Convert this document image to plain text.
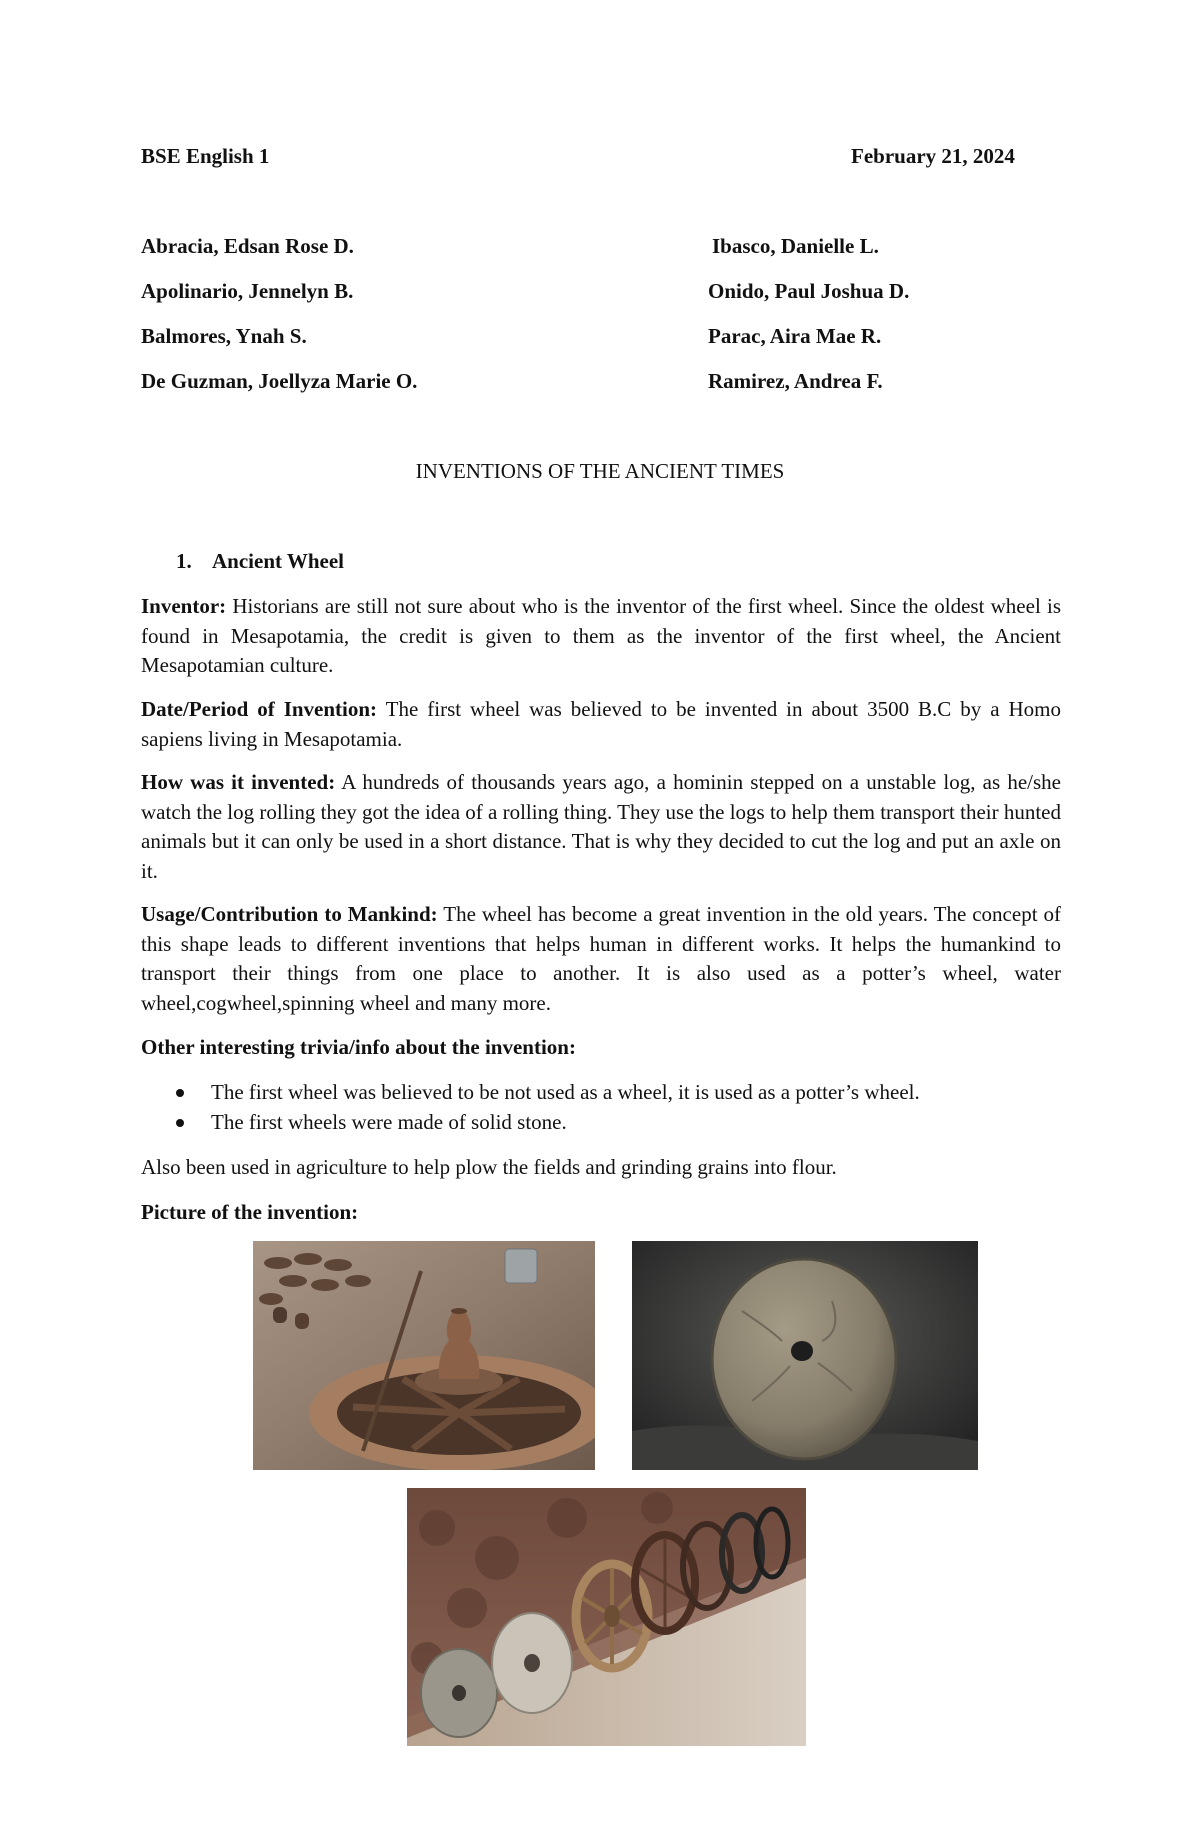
BSE English 1	February 21, 2024
Abracia, Edsan Rose D.
Apolinario, Jennelyn B.
Balmores, Ynah S.
De Guzman, Joellyza Marie O.
Ibasco, Danielle L.
Onido, Paul Joshua D.
Parac, Aira Mae R.
Ramirez, Andrea F.
INVENTIONS OF THE ANCIENT TIMES
1. Ancient Wheel
Inventor: Historians are still not sure about who is the inventor of the first wheel. Since the oldest wheel is found in Mesapotamia, the credit is given to them as the inventor of the first wheel, the Ancient Mesapotamian culture.
Date/Period of Invention: The first wheel was believed to be invented in about 3500 B.C by a Homo sapiens living in Mesapotamia.
How was it invented: A hundreds of thousands years ago, a hominin stepped on a unstable log, as he/she watch the log rolling they got the idea of a rolling thing. They use the logs to help them transport their hunted animals but it can only be used in a short distance. That is why they decided to cut the log and put an axle on it.
Usage/Contribution to Mankind: The wheel has become a great invention in the old years. The concept of this shape leads to different inventions that helps human in different works. It helps the humankind to transport their things from one place to another. It is also used as a potter’s wheel, water wheel,cogwheel,spinning wheel and many more.
Other interesting trivia/info about the invention:
The first wheel was believed to be not used as a wheel, it is used as a potter’s wheel.
The first wheels were made of solid stone.
Also been used in agriculture to help plow the fields and grinding grains into flour.
Picture of the invention:
